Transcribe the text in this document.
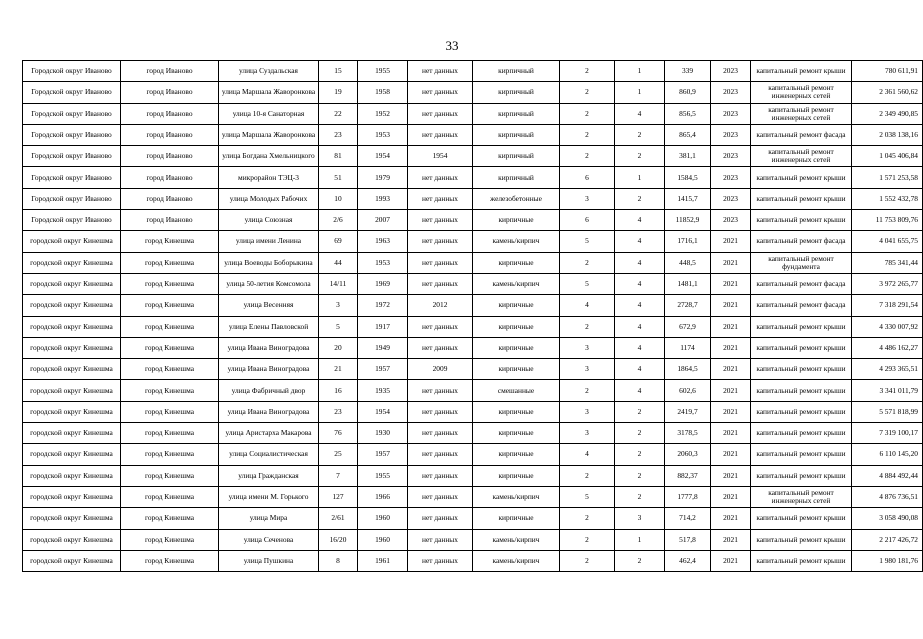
33
Городской округ Иваново	город Иваново	улица Суздальская	15	1955	нет данных	кирпичный	2	1	339	2023	капитальный ремонт крыши	780 611,91
Городской округ Иваново	город Иваново	улица Маршала Жаворонкова	19	1958	нет данных	кирпичный	2	1	860,9	2023	капитальный ремонт инженерных сетей	2 361 560,62
Городской округ Иваново	город Иваново	улица 10-я Санаторная	22	1952	нет данных	кирпичный	2	4	856,5	2023	капитальный ремонт инженерных сетей	2 349 490,85
Городской округ Иваново	город Иваново	улица Маршала Жаворонкова	23	1953	нет данных	кирпичный	2	2	865,4	2023	капитальный ремонт фасада	2 038 138,16
Городской округ Иваново	город Иваново	улица Богдана Хмельницкого	81	1954	1954	кирпичный	2	2	381,1	2023	капитальный ремонт инженерных сетей	1 045 406,84
Городской округ Иваново	город Иваново	микрорайон ТЭЦ-3	51	1979	нет данных	кирпичный	6	1	1584,5	2023	капитальный ремонт крыши	1 571 253,58
Городской округ Иваново	город Иваново	улица Молодых Рабочих	10	1993	нет данных	железобетонные	3	2	1415,7	2023	капитальный ремонт крыши	1 552 432,78
Городской округ Иваново	город Иваново	улица Союзная	2/6	2007	нет данных	кирпичные	6	4	11852,9	2023	капитальный ремонт крыши	11 753 809,76
городской округ Кинешма	город Кинешма	улица имени Ленина	69	1963	нет данных	камень/кирпич	5	4	1716,1	2021	капитальный ремонт фасада	4 041 655,75
городской округ Кинешма	город Кинешма	улица Воеводы Боборыкина	44	1953	нет данных	кирпичные	2	4	448,5	2021	капитальный ремонт фундамента	785 341,44
городской округ Кинешма	город Кинешма	улица 50-летия Комсомола	14/11	1969	нет данных	камень/кирпич	5	4	1481,1	2021	капитальный ремонт фасада	3 972 265,77
городской округ Кинешма	город Кинешма	улица Весенняя	3	1972	2012	кирпичные	4	4	2728,7	2021	капитальный ремонт фасада	7 318 291,54
городской округ Кинешма	город Кинешма	улица Елены Павловской	5	1917	нет данных	кирпичные	2	4	672,9	2021	капитальный ремонт крыши	4 330 007,92
городской округ Кинешма	город Кинешма	улица Ивана Виноградова	20	1949	нет данных	кирпичные	3	4	1174	2021	капитальный ремонт крыши	4 486 162,27
городской округ Кинешма	город Кинешма	улица Ивана Виноградова	21	1957	2009	кирпичные	3	4	1864,5	2021	капитальный ремонт крыши	4 293 365,51
городской округ Кинешма	город Кинешма	улица Фабричный двор	16	1935	нет данных	смешанные	2	4	602,6	2021	капитальный ремонт крыши	3 341 011,79
городской округ Кинешма	город Кинешма	улица Ивана Виноградова	23	1954	нет данных	кирпичные	3	2	2419,7	2021	капитальный ремонт крыши	5 571 818,99
городской округ Кинешма	город Кинешма	улица Аристарха Макарова	76	1930	нет данных	кирпичные	3	2	3178,5	2021	капитальный ремонт крыши	7 319 100,17
городской округ Кинешма	город Кинешма	улица Социалистическая	25	1957	нет данных	кирпичные	4	2	2060,3	2021	капитальный ремонт крыши	6 110 145,20
городской округ Кинешма	город Кинешма	улица Гражданская	7	1955	нет данных	кирпичные	2	2	882,37	2021	капитальный ремонт крыши	4 884 492,44
городской округ Кинешма	город Кинешма	улица имени М. Горького	127	1966	нет данных	камень/кирпич	5	2	1777,8	2021	капитальный ремонт инженерных сетей	4 876 736,51
городской округ Кинешма	город Кинешма	улица Мира	2/61	1960	нет данных	кирпичные	2	3	714,2	2021	капитальный ремонт крыши	3 058 490,08
городской округ Кинешма	город Кинешма	улица Сеченова	16/20	1960	нет данных	камень/кирпич	2	1	517,8	2021	капитальный ремонт крыши	2 217 426,72
городской округ Кинешма	город Кинешма	улица Пушкина	8	1961	нет данных	камень/кирпич	2	2	462,4	2021	капитальный ремонт крыши	1 980 181,76
